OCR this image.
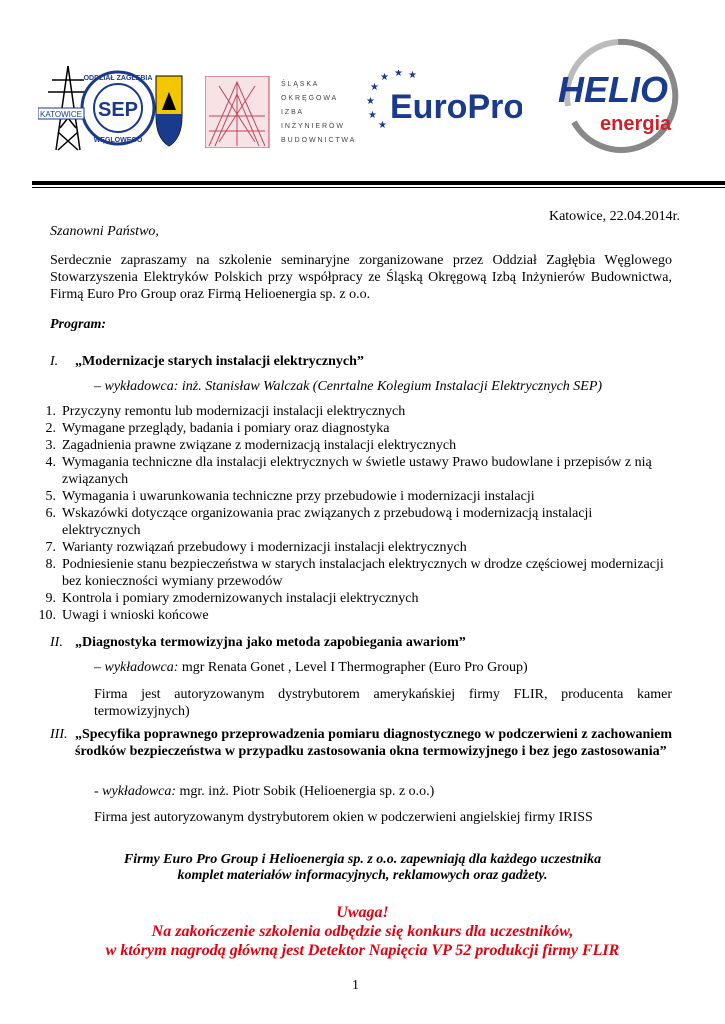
SEP
ODDZIAŁ ZAGŁĘBIA
WĘGLOWEGO
KATOWICE
Ś L Ą S K A
O K R Ę G O W A
I Z B A
I N Ż Y N I E R Ó W
B U D O W N I C T W A
★
★ ★ ★
★
★
★ EuroPro HELIO
energia
Katowice, 22.04.2014r.
Szanowni Państwo,
Serdecznie zapraszamy na szkolenie seminaryjne zorganizowane przez Oddział Zagłębia Węglowego Stowarzyszenia Elektryków Polskich przy współpracy ze Śląską Okręgową Izbą Inżynierów Budownictwa, Firmą Euro Pro Group oraz Firmą Helioenergia sp. z o.o.
Program:
I. „Modernizacje starych instalacji elektrycznych”
– wykładowca: inż. Stanisław Walczak (Cenrtalne Kolegium Instalacji Elektrycznych SEP)
1. Przyczyny remontu lub modernizacji instalacji elektrycznych
2. Wymagane przeglądy, badania i pomiary oraz diagnostyka
3. Zagadnienia prawne związane z modernizacją instalacji elektrycznych
4. Wymagania techniczne dla instalacji elektrycznych w świetle ustawy Prawo budowlane i przepisów z nią związanych
5. Wymagania i uwarunkowania techniczne przy przebudowie i modernizacji instalacji
6. Wskazówki dotyczące organizowania prac związanych z przebudową i modernizacją instalacji elektrycznych
7. Warianty rozwiązań przebudowy i modernizacji instalacji elektrycznych
8. Podniesienie stanu bezpieczeństwa w starych instalacjach elektrycznych w drodze częściowej modernizacji bez konieczności wymiany przewodów
9. Kontrola i pomiary zmodernizowanych instalacji elektrycznych
10. Uwagi i wnioski końcowe
II. „Diagnostyka termowizyjna jako metoda zapobiegania awariom”
– wykładowca: mgr Renata Gonet , Level I Thermographer (Euro Pro Group)
Firma jest autoryzowanym dystrybutorem amerykańskiej firmy FLIR, producenta kamer termowizyjnych)
III. „Specyfika poprawnego przeprowadzenia pomiaru diagnostycznego w podczerwieni z zachowaniem środków bezpieczeństwa w przypadku zastosowania okna termowizyjnego i bez jego zastosowania”
- wykładowca: mgr. inż. Piotr Sobik (Helioenergia sp. z o.o.)
Firma jest autoryzowanym dystrybutorem okien w podczerwieni angielskiej firmy IRISS
Firmy Euro Pro Group i Helioenergia sp. z o.o. zapewniają dla każdego uczestnika
komplet materiałów informacyjnych, reklamowych oraz gadżety.
Uwaga!
Na zakończenie szkolenia odbędzie się konkurs dla uczestników,
w którym nagrodą główną jest Detektor Napięcia VP 52 produkcji firmy FLIR
1
